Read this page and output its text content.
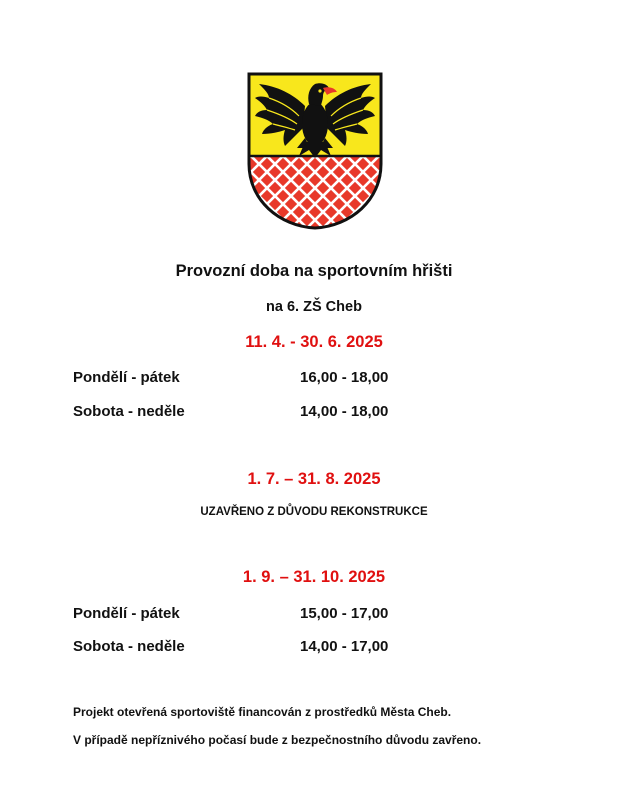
Provozní doba na sportovním hřišti
na 6. ZŠ Cheb
11. 4. - 30. 6. 2025
Pondělí - pátek	16,00 - 18,00
Sobota - neděle	14,00 - 18,00
1. 7. – 31. 8. 2025
UZAVŘENO Z DŮVODU REKONSTRUKCE
1. 9. – 31. 10. 2025
Pondělí - pátek	15,00 - 17,00
Sobota - neděle	14,00 - 17,00
Projekt otevřená sportoviště financován z prostředků Města Cheb.
V případě nepříznivého počasí bude z bezpečnostního důvodu zavřeno.
